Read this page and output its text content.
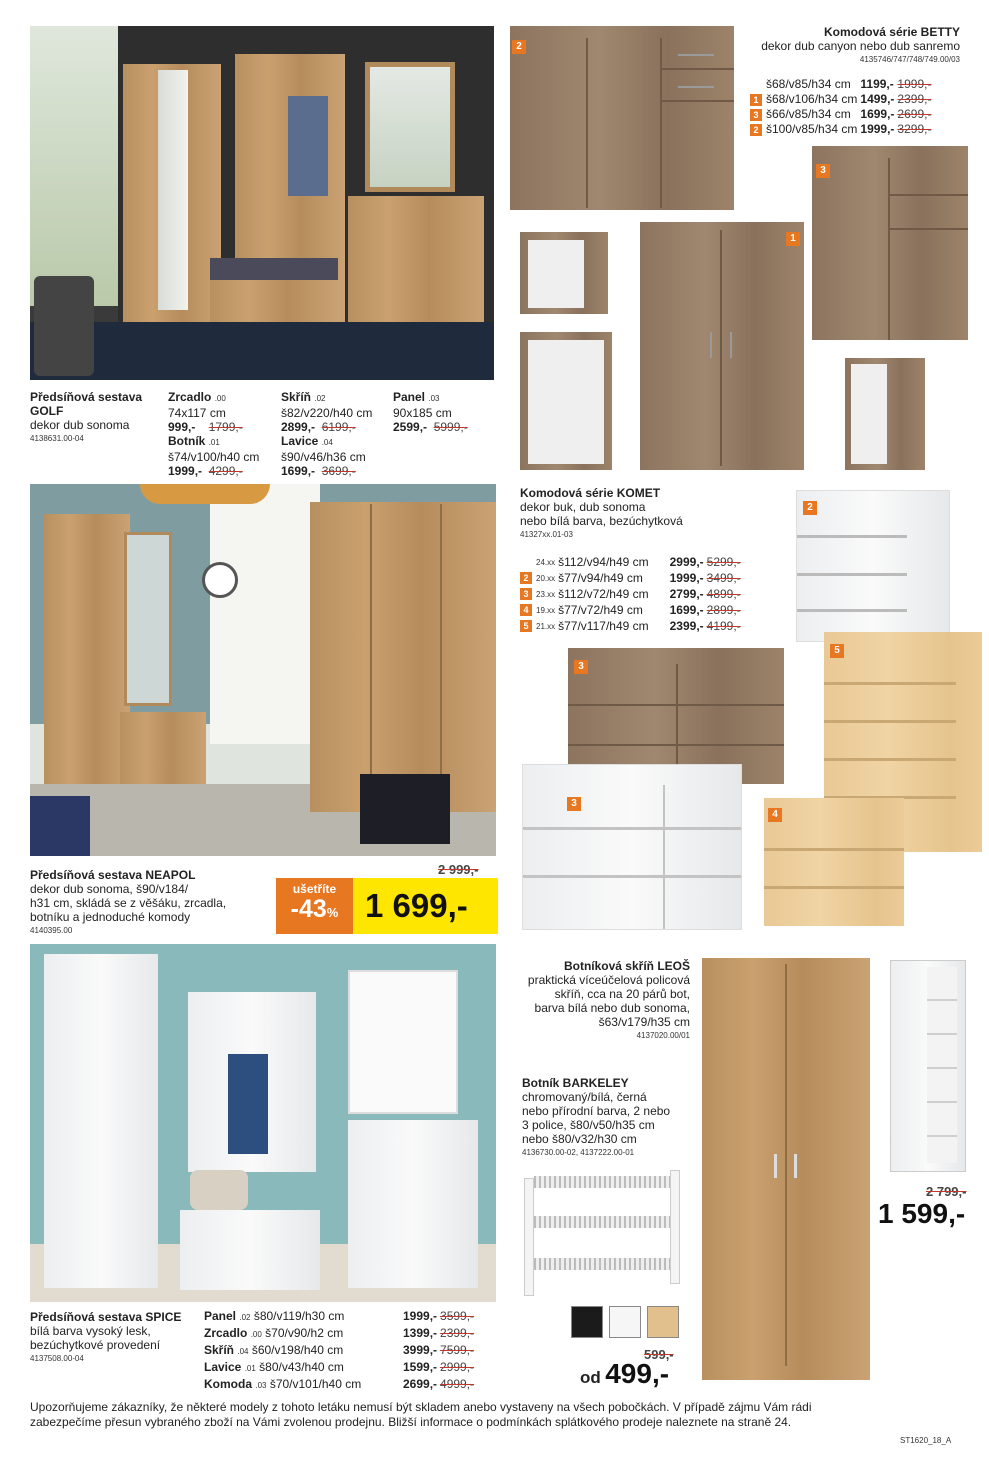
Předsíňová sestava GOLF
dekor dub sonoma
4138631.00-04
Zrcadlo .00
74x117 cm
999,- 1799,-
Botník .01
š74/v100/h40 cm
1999,- 4299,-
Skříň .02
š82/v220/h40 cm
2899,- 6199,-
Lavice .04
š90/v46/h36 cm
1699,- 3699,-
Panel .03
90x185 cm
2599,- 5999,-
Komodová série BETTY
dekor dub canyon nebo dub sanremo
4135746/747/748/749.00/03
š68/v85/h34 cm	1199,-	1999,-
1 š68/v106/h34 cm	1499,-	2399,-
3 š66/v85/h34 cm	1699,-	2699,-
2 š100/v85/h34 cm	1999,-	3299,-
2
1
3
Předsíňová sestava NEAPOL
dekor dub sonoma, š90/v184/
h31 cm, skládá se z věšáku, zrcadla,
botníku a jednoduché komody
4140395.00
2 999,-
ušetříte
-43% 1 699,-
Komodová série KOMET
dekor buk, dub sonoma
nebo bílá barva, bezúchytková
41327xx.01-03
24.xx	š112/v94/h49 cm	2999,-	5299,-
2 20.xx	š77/v94/h49 cm	1999,-	3499,-
3 23.xx	š112/v72/h49 cm	2799,-	4899,-
4 19.xx	š77/v72/h49 cm	1699,-	2899,-
5 21.xx	š77/v117/h49 cm	2399,-	4199,-
2
5
3
3
4
Předsíňová sestava SPICE
bílá barva vysoký lesk,
bezúchytkové provedení
4137508.00-04
Panel .02 š80/v119/h30 cm	1999,-	3599,-
Zrcadlo .00 š70/v90/h2 cm	1399,-	2399,-
Skříň .04 š60/v198/h40 cm	3999,-	7599,-
Lavice .01 š80/v43/h40 cm	1599,-	2999,-
Komoda .03 š70/v101/h40 cm	2699,-	4999,-
Botníková skříň LEOŠ
praktická víceúčelová policová
skříň, cca na 20 párů bot,
barva bílá nebo dub sonoma,
š63/v179/h35 cm
4137020.00/01
2 799,-
1 599,-
Botník BARKELEY
chromovaný/bílá, černá
nebo přírodní barva, 2 nebo
3 police, š80/v50/h35 cm
nebo š80/v32/h30 cm
4136730.00-02, 4137222.00-01
599,-
od 499,-
Upozorňujeme zákazníky, že některé modely z tohoto letáku nemusí být skladem anebo vystaveny na všech pobočkách. V případě zájmu Vám rádi
zabezpečíme přesun vybraného zboží na Vámi zvolenou prodejnu. Bližší informace o podmínkách splátkového prodeje naleznete na straně 24.
ST1620_18_A
